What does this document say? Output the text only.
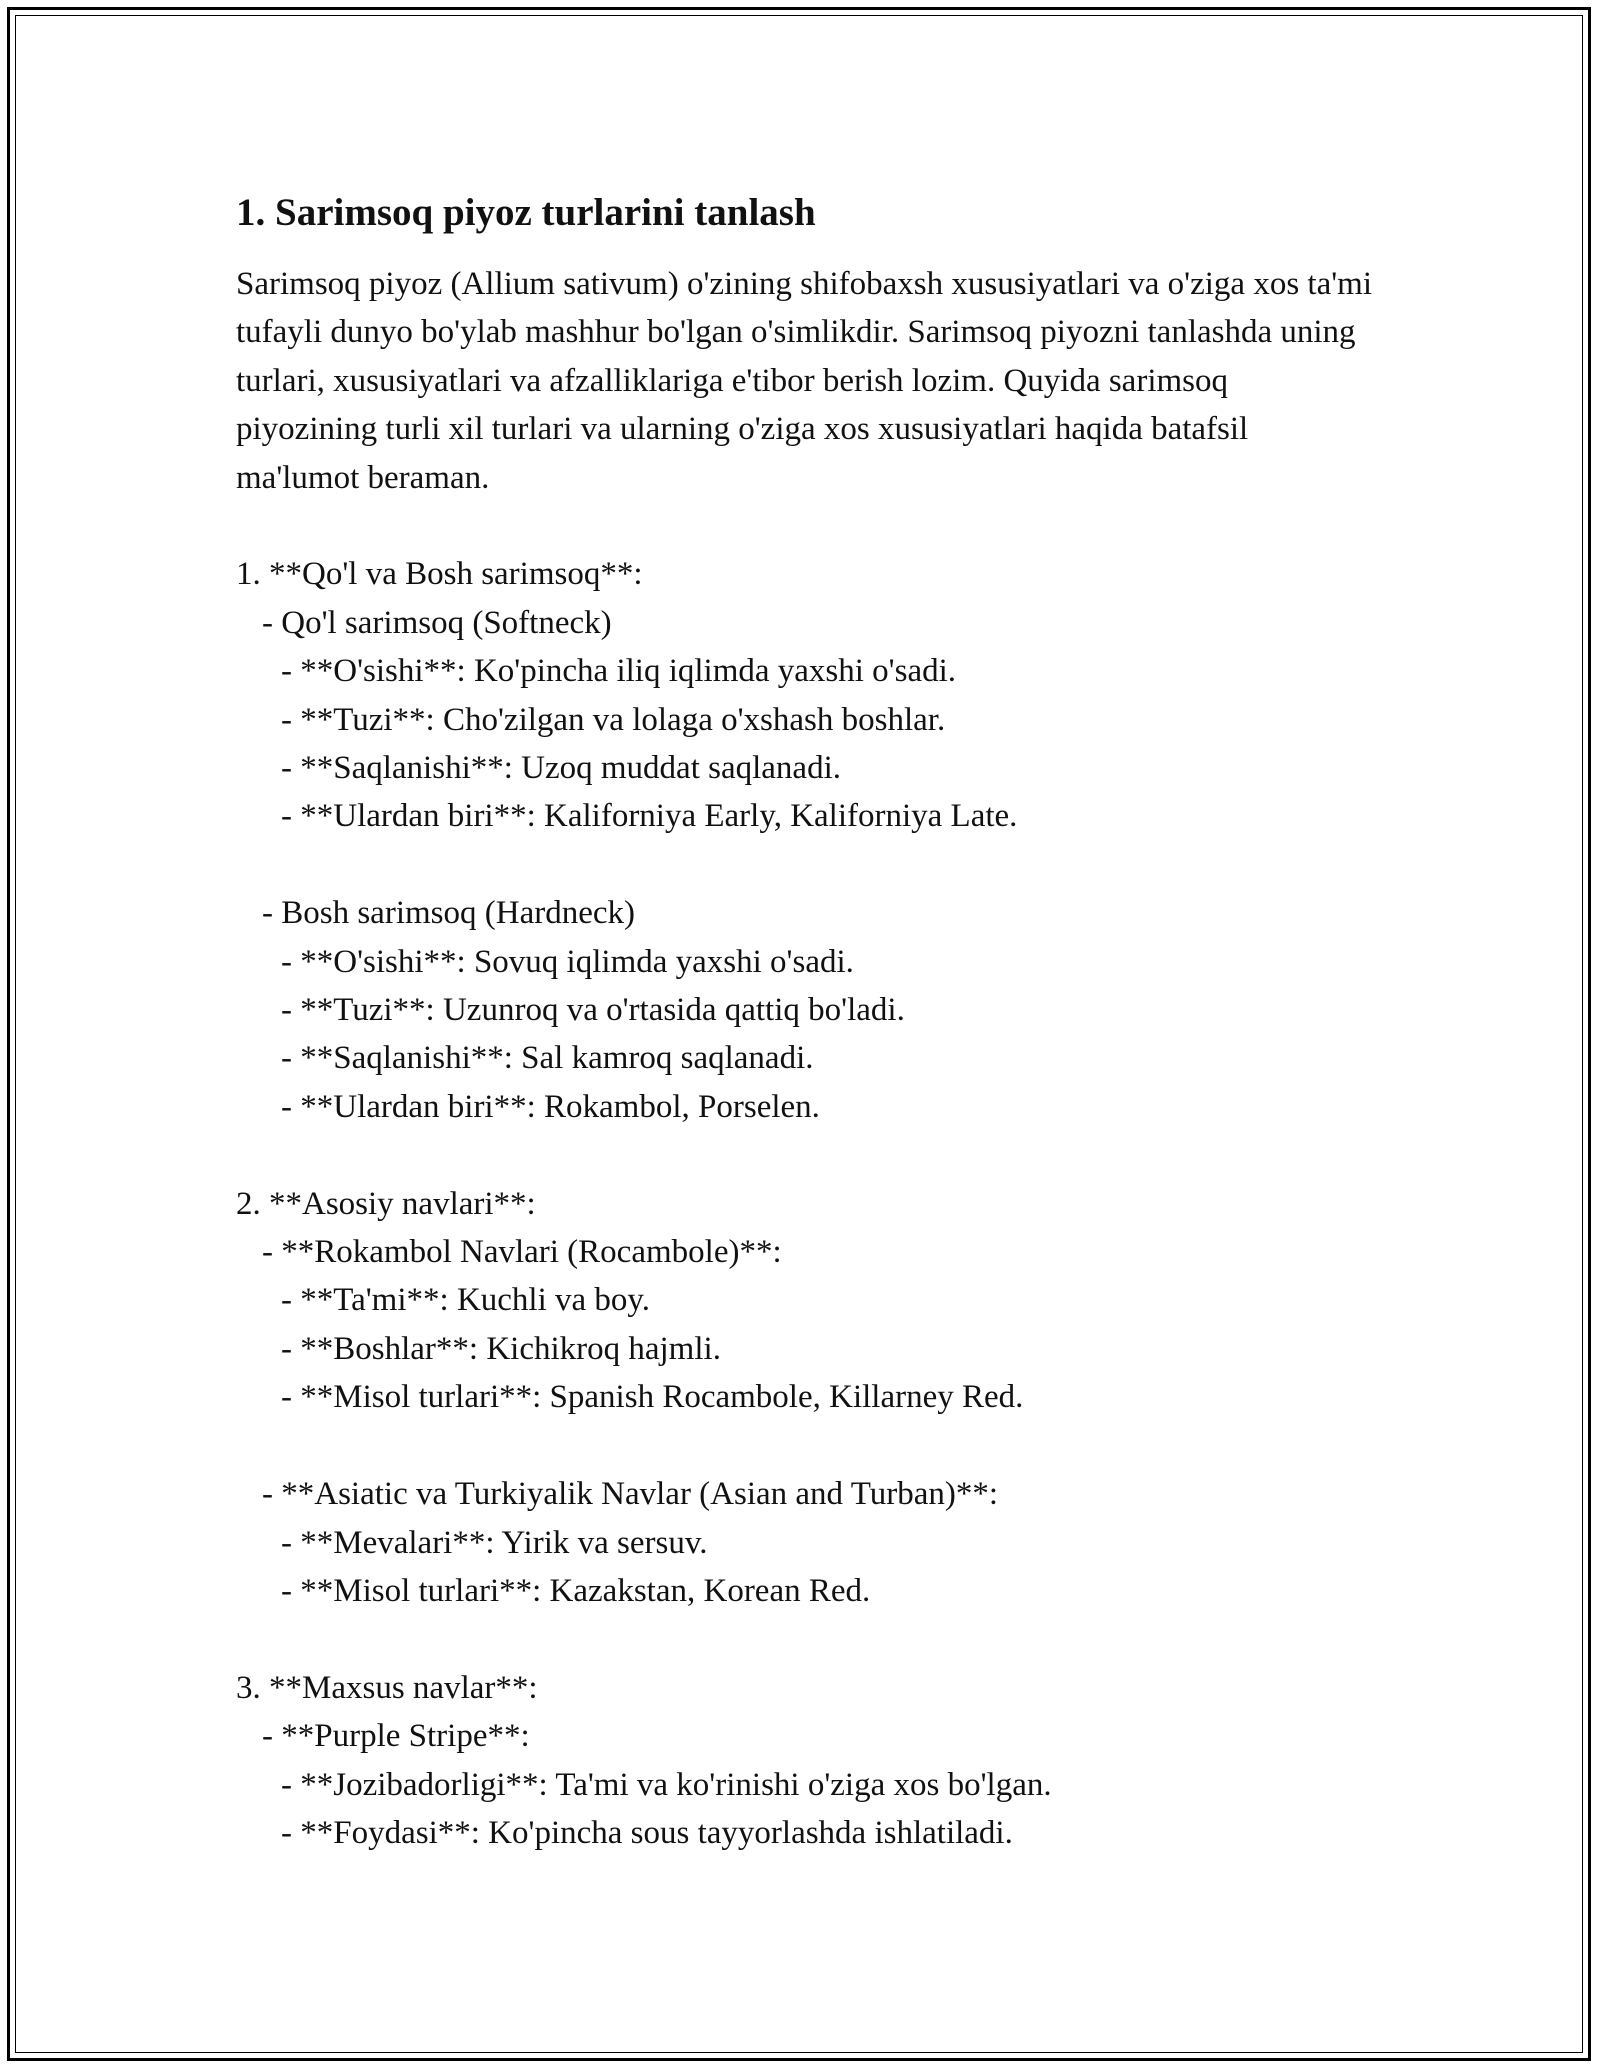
1. Sarimsoq piyoz turlarini tanlash

Sarimsoq piyoz (Allium sativum) o'zining shifobaxsh xususiyatlari va o'ziga xos ta'mi tufayli dunyo bo'ylab mashhur bo'lgan o'simlikdir. Sarimsoq piyozni tanlashda uning turlari, xususiyatlari va afzalliklariga e'tibor berish lozim. Quyida sarimsoq piyozining turli xil turlari va ularning o'ziga xos xususiyatlari haqida batafsil ma'lumot beraman.

1. **Qo'l va Bosh sarimsoq**:
- Qo'l sarimsoq (Softneck)
- **O'sishi**: Ko'pincha iliq iqlimda yaxshi o'sadi.
- **Tuzi**: Cho'zilgan va lolaga o'xshash boshlar.
- **Saqlanishi**: Uzoq muddat saqlanadi.
- **Ulardan biri**: Kaliforniya Early, Kaliforniya Late.
- Bosh sarimsoq (Hardneck)
- **O'sishi**: Sovuq iqlimda yaxshi o'sadi.
- **Tuzi**: Uzunroq va o'rtasida qattiq bo'ladi.
- **Saqlanishi**: Sal kamroq saqlanadi.
- **Ulardan biri**: Rokambol, Porselen.
2. **Asosiy navlari**:
- **Rokambol Navlari (Rocambole)**:
- **Ta'mi**: Kuchli va boy.
- **Boshlar**: Kichikroq hajmli.
- **Misol turlari**: Spanish Rocambole, Killarney Red.
- **Asiatic va Turkiyalik Navlar (Asian and Turban)**:
- **Mevalari**: Yirik va sersuv.
- **Misol turlari**: Kazakstan, Korean Red.
3. **Maxsus navlar**:
- **Purple Stripe**:
- **Jozibadorligi**: Ta'mi va ko'rinishi o'ziga xos bo'lgan.
- **Foydasi**: Ko'pincha sous tayyorlashda ishlatiladi.
